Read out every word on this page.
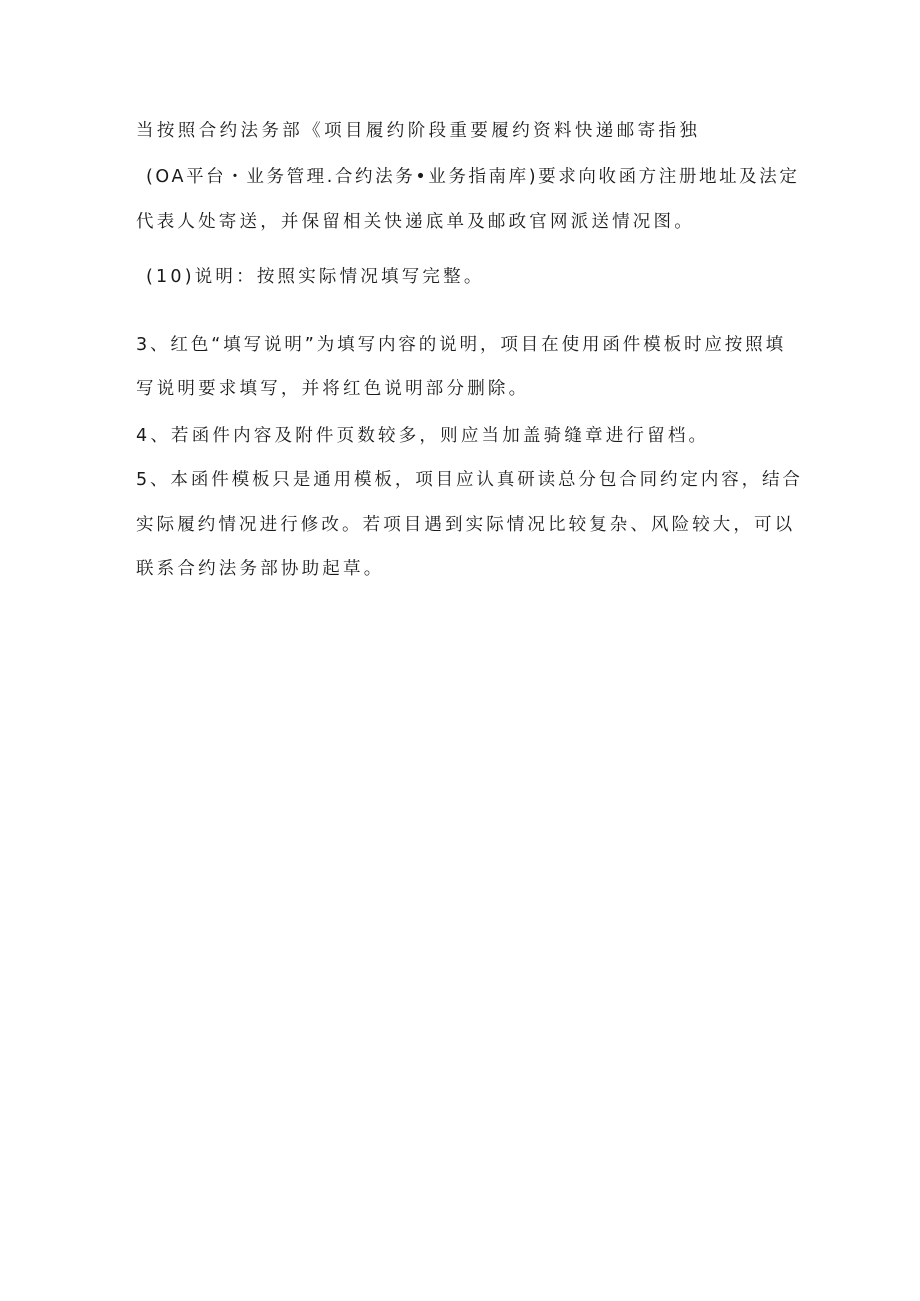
当按照合约法务部《项目履约阶段重要履约资料快递邮寄指独
(OA平台・业务管理.合约法务•业务指南库)要求向收函方注册地址及法定
代表人处寄送，并保留相关快递底单及邮政官网派送情况图。
(10)说明：按照实际情况填写完整。
3、红色“填写说明”为填写内容的说明，项目在使用函件模板时应按照填
写说明要求填写，并将红色说明部分删除。
4、若函件内容及附件页数较多，则应当加盖骑缝章进行留档。
5、本函件模板只是通用模板，项目应认真研读总分包合同约定内容，结合
实际履约情况进行修改。若项目遇到实际情况比较复杂、风险较大，可以
联系合约法务部协助起草。
